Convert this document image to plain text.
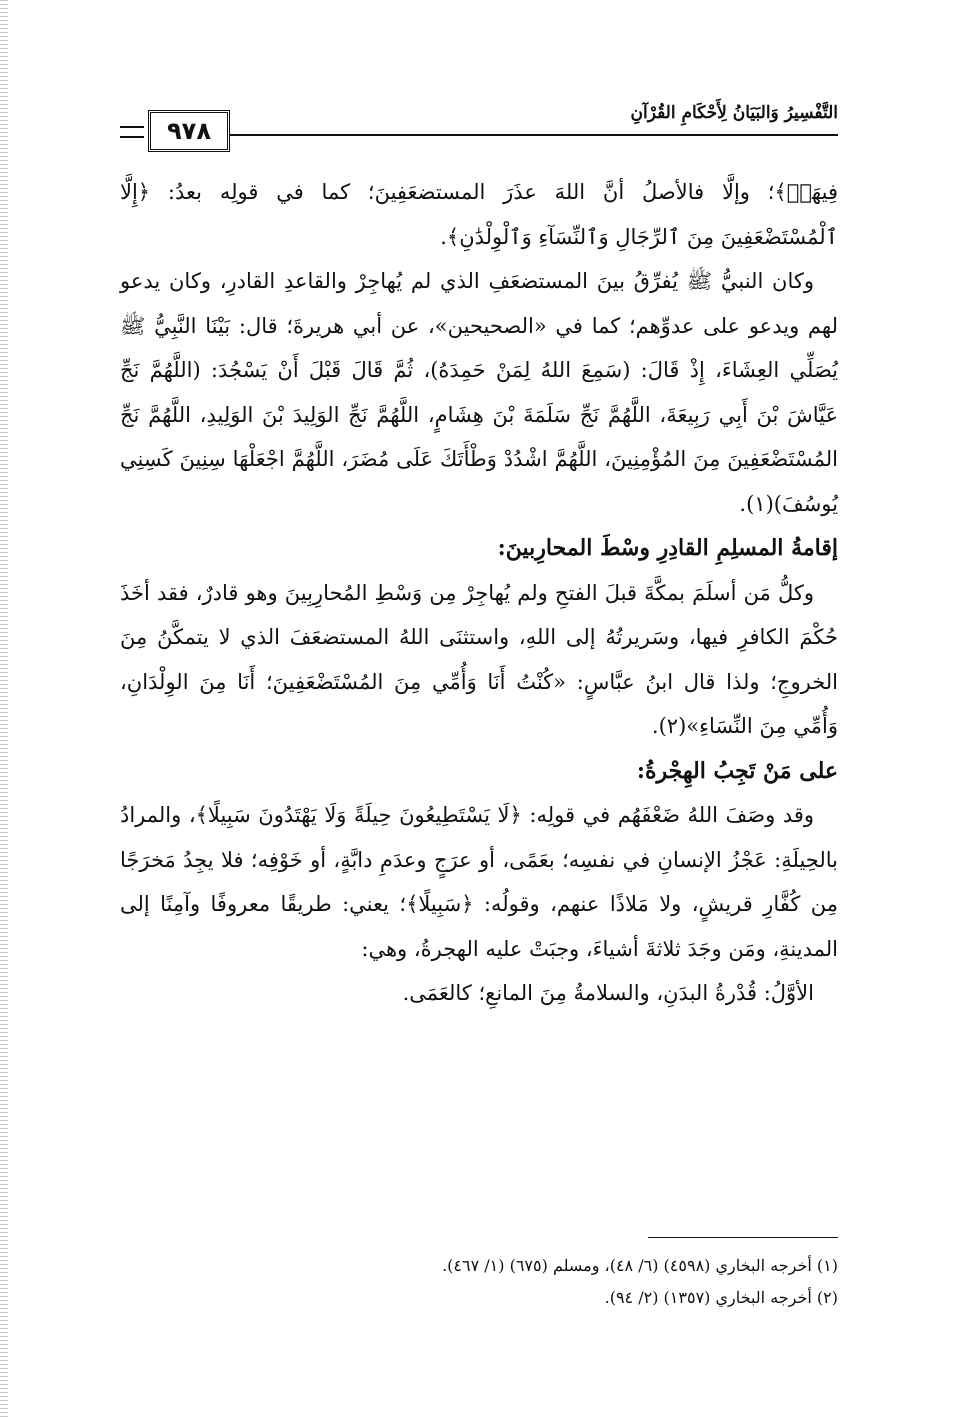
التَّفْسِيرُ وَالبَيَانُ لِأَحْكَامِ القُرْآنِ
٩٧٨

فِيهَاۚ﴾؛ وإلَّا فالأصلُ أنَّ اللهَ عذَرَ المستضعَفِينَ؛ كما في قولِه بعدُ: ﴿إِلَّا ٱلْمُسْتَضْعَفِينَ مِنَ ٱلرِّجَالِ وَٱلنِّسَآءِ وَٱلْوِلْدَٰنِ﴾.

وكان النبيُّ ﷺ يُفرِّقُ بينَ المستضعَفِ الذي لم يُهاجِرْ والقاعدِ القادرِ، وكان يدعو لهم ويدعو على عدوِّهم؛ كما في «الصحيحين»، عن أبي هريرةَ؛ قال: بَيْنَا النَّبِيُّ ﷺ يُصَلِّي العِشَاءَ، إِذْ قَالَ: (سَمِعَ اللهُ لِمَنْ حَمِدَهُ)، ثُمَّ قَالَ قَبْلَ أَنْ يَسْجُدَ: (اللَّهُمَّ نَجِّ عَيَّاشَ بْنَ أَبِي رَبِيعَةَ، اللَّهُمَّ نَجِّ سَلَمَةَ بْنَ هِشَامٍ، اللَّهُمَّ نَجِّ الوَلِيدَ بْنَ الوَلِيدِ، اللَّهُمَّ نَجِّ المُسْتَضْعَفِينَ مِنَ المُؤْمِنِينَ، اللَّهُمَّ اشْدُدْ وَطْأَتَكَ عَلَى مُضَرَ، اللَّهُمَّ اجْعَلْهَا سِنِينَ كَسِنِي يُوسُفَ)(١).

إقامةُ المسلِمِ القادِرِ وسْطَ المحارِبينَ:

وكلُّ مَن أسلَمَ بمكَّةَ قبلَ الفتحِ ولم يُهاجِرْ مِن وَسْطِ المُحارِبِينَ وهو قادرٌ، فقد أخَذَ حُكْمَ الكافرِ فيها، وسَريرتُهُ إلى اللهِ، واستثنَى اللهُ المستضعَفَ الذي لا يتمكَّنُ مِنَ الخروجِ؛ ولذا قال ابنُ عبَّاسٍ: «كُنْتُ أَنَا وَأُمِّي مِنَ المُسْتَضْعَفِينَ؛ أَنَا مِنَ الوِلْدَانِ، وَأُمِّي مِنَ النِّسَاءِ»(٢).

على مَنْ تَجِبُ الهِجْرةُ:

وقد وصَفَ اللهُ ضَعْفَهُم في قولِه: ﴿لَا يَسْتَطِيعُونَ حِيلَةً وَلَا يَهْتَدُونَ سَبِيلًا﴾، والمرادُ بالحِيلَةِ: عَجْزُ الإنسانِ في نفسِه؛ بعَمًى، أو عرَجٍ وعدَمِ دابَّةٍ، أو خَوْفِه؛ فلا يجِدُ مَخرَجًا مِن كُفَّارِ قريشٍ، ولا مَلاذًا عنهم، وقولُه: ﴿سَبِيلًا﴾؛ يعني: طريقًا معروفًا وآمِنًا إلى المدينةِ، ومَن وجَدَ ثلاثةَ أشياءَ، وجبَتْ عليه الهجرةُ، وهي:

الأوَّلُ: قُدْرةُ البدَنِ، والسلامةُ مِنَ المانعِ؛ كالعَمَى.

(١) أخرجه البخاري (٤٥٩٨) (٦/ ٤٨)، ومسلم (٦٧٥) (١/ ٤٦٧).

(٢) أخرجه البخاري (١٣٥٧) (٢/ ٩٤).
